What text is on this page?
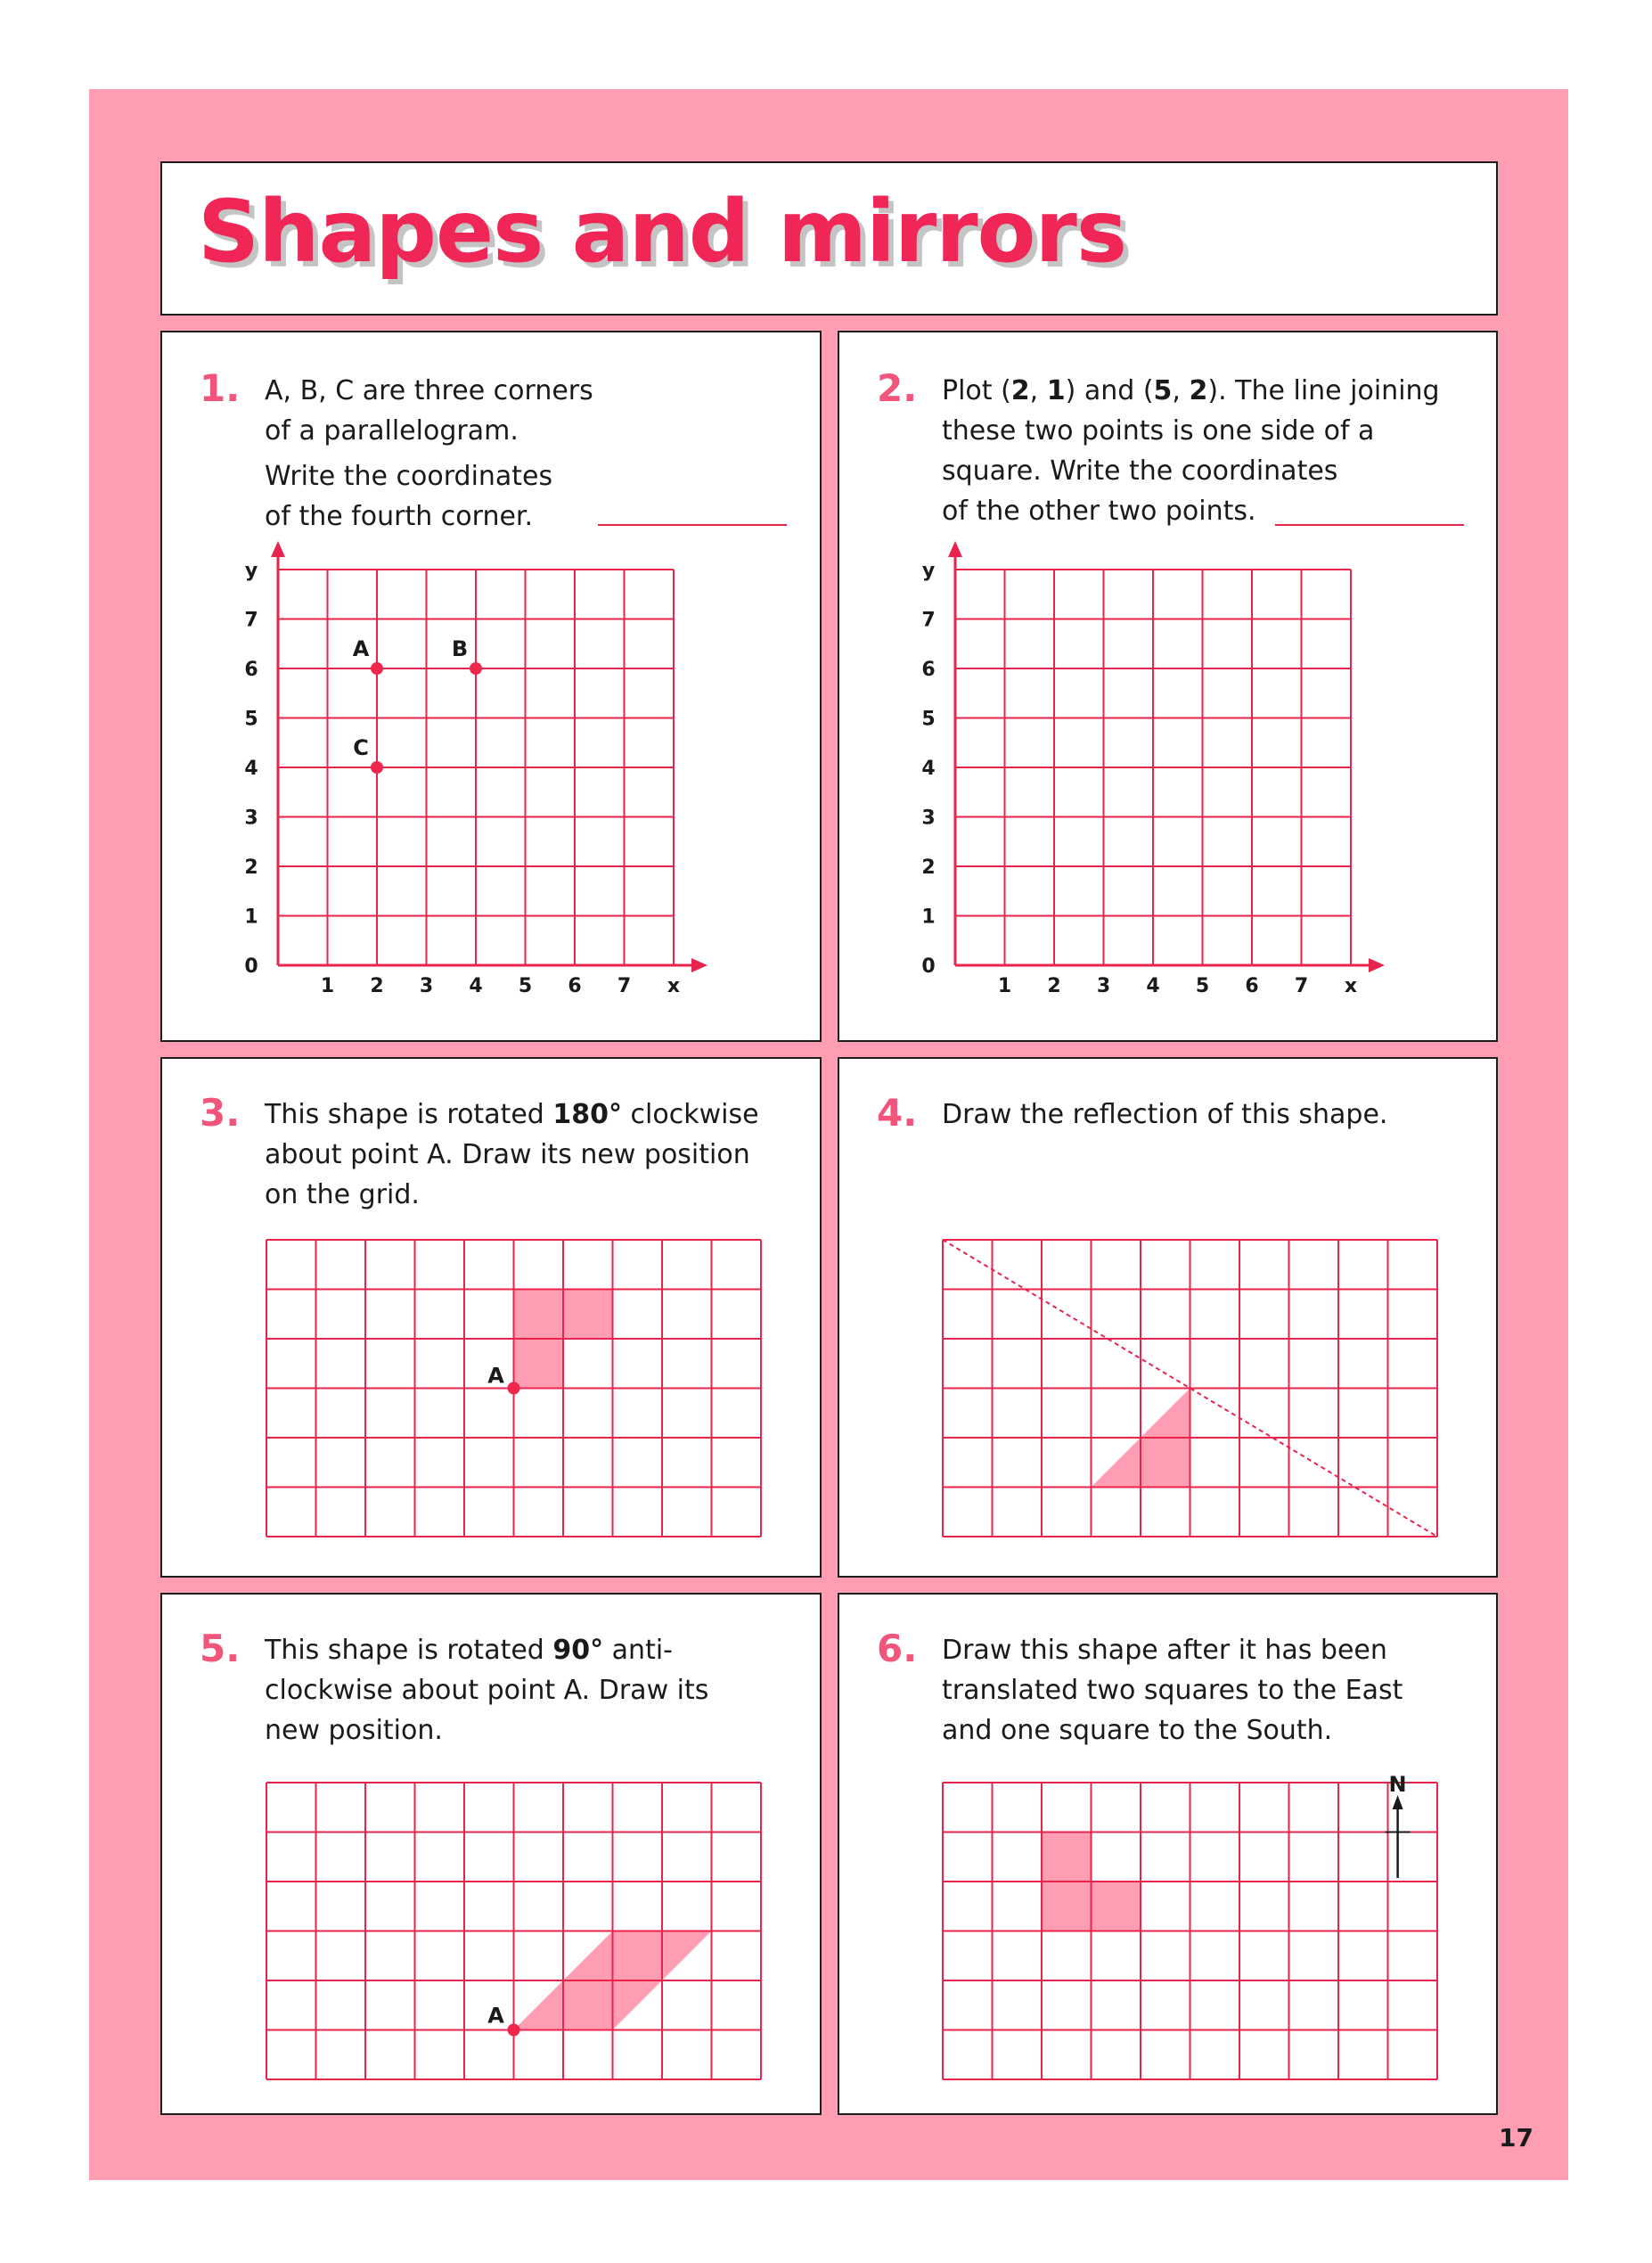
Shapes and mirrors
1. A, B, C are three corners
of a parallelogram.
Write the coordinates
of the fourth corner.
1 2 3 4 5 6 7 x
0
1
2
3
4
5
6
7
y
A	B
C
2. Plot (2, 1) and (5, 2). The line joining
these two points is one side of a
square. Write the coordinates
of the other two points.
1 2 3 4 5 6 7 x
0
1
2
3
4
5
6
7
y
3. This shape is rotated 180° clockwise
about point A. Draw its new position
on the grid.
A
4. Draw the reflection of this shape.
5. This shape is rotated 90° anti-
clockwise about point A. Draw its
new position.
A
6. Draw this shape after it has been
translated two squares to the East
and one square to the South.
N
17
